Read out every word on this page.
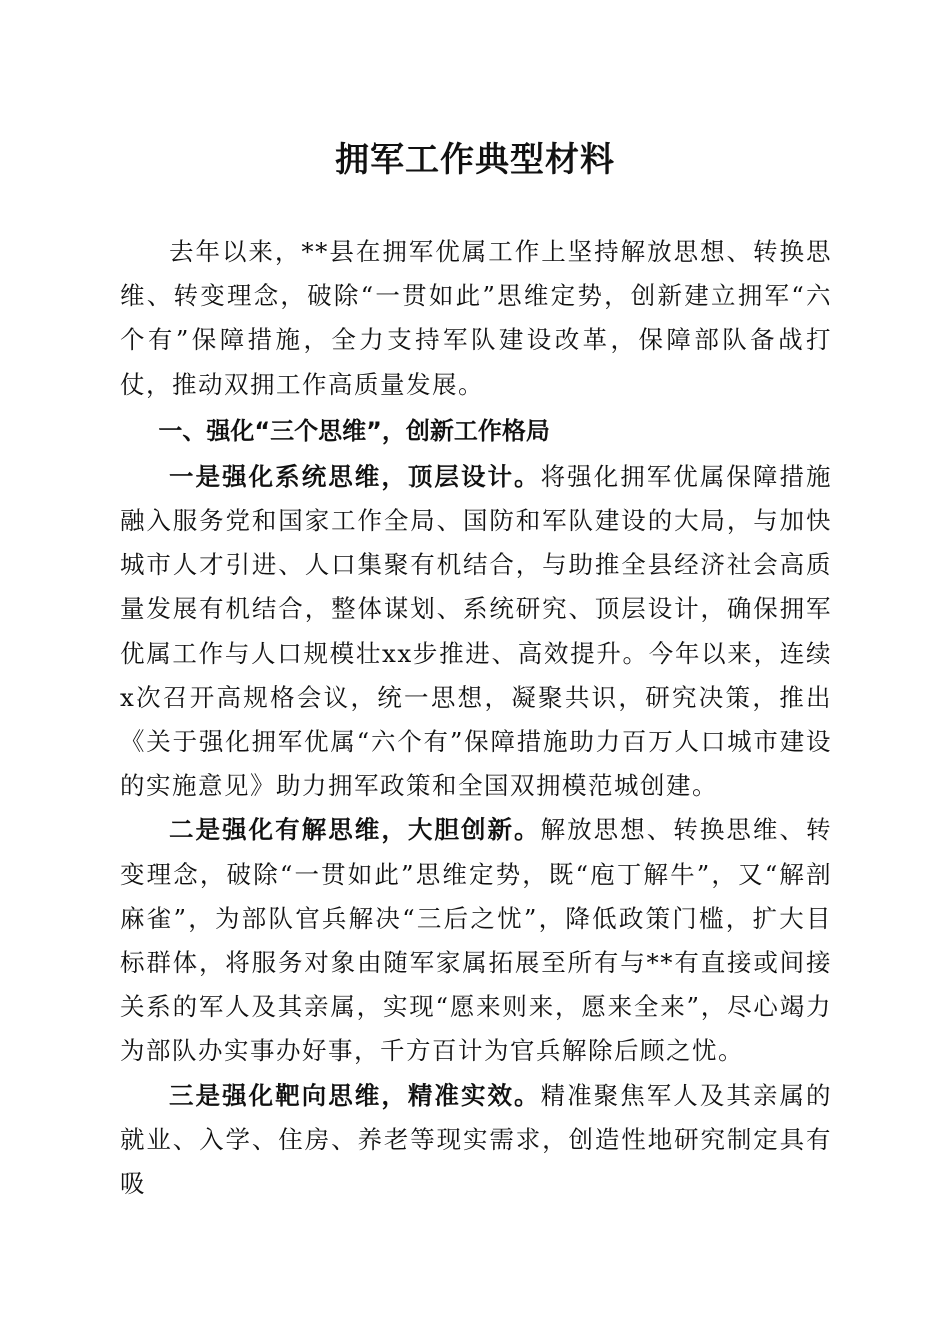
拥军工作典型材料

去年以来，**县在拥军优属工作上坚持解放思想、转换思维、转变理念，破除“一贯如此”思维定势，创新建立拥军“六个有”保障措施，全力支持军队建设改革，保障部队备战打仗，推动双拥工作高质量发展。

一、强化“三个思维”，创新工作格局

一是强化系统思维，顶层设计。将强化拥军优属保障措施融入服务党和国家工作全局、国防和军队建设的大局，与加快城市人才引进、人口集聚有机结合，与助推全县经济社会高质量发展有机结合，整体谋划、系统研究、顶层设计，确保拥军优属工作与人口规模壮xx步推进、高效提升。今年以来，连续x次召开高规格会议，统一思想，凝聚共识，研究决策，推出《关于强化拥军优属“六个有”保障措施助力百万人口城市建设的实施意见》助力拥军政策和全国双拥模范城创建。

二是强化有解思维，大胆创新。解放思想、转换思维、转变理念，破除“一贯如此”思维定势，既“庖丁解牛”，又“解剖麻雀”，为部队官兵解决“三后之忧”，降低政策门槛，扩大目标群体，将服务对象由随军家属拓展至所有与**有直接或间接关系的军人及其亲属，实现“愿来则来，愿来全来”，尽心竭力为部队办实事办好事，千方百计为官兵解除后顾之忧。

三是强化靶向思维，精准实效。精准聚焦军人及其亲属的就业、入学、住房、养老等现实需求，创造性地研究制定具有吸
